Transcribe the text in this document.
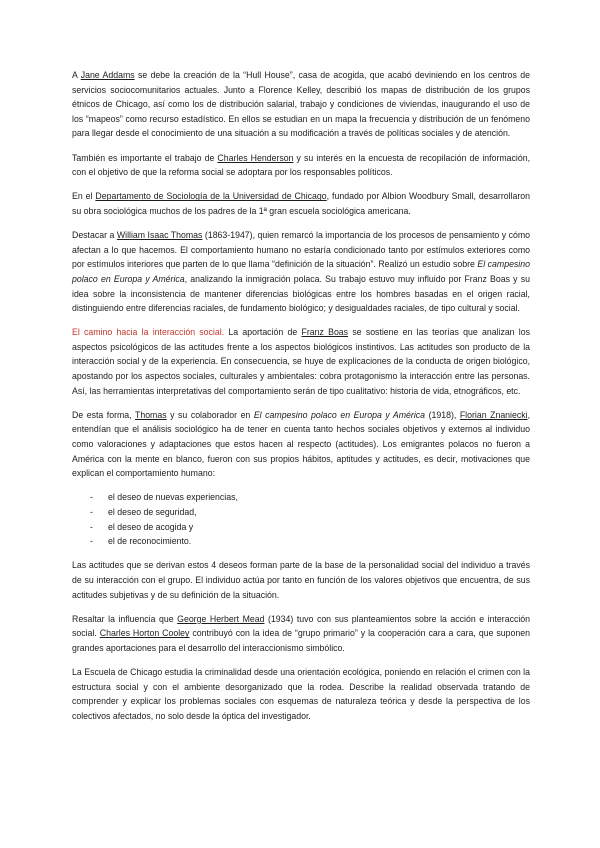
A Jane Addams se debe la creación de la “Hull House”, casa de acogida, que acabó deviniendo en los centros de servicios sociocomunitarios actuales. Junto a Florence Kelley, describió los mapas de distribución de los grupos étnicos de Chicago, así como los de distribución salarial, trabajo y condiciones de viviendas, inaugurando el uso de los “mapeos” como recurso estadístico. En ellos se estudian en un mapa la frecuencia y distribución de un fenómeno para llegar desde el conocimiento de una situación a su modificación a través de políticas sociales y de atención.

También es importante el trabajo de Charles Henderson y su interés en la encuesta de recopilación de información, con el objetivo de que la reforma social se adoptara por los responsables políticos.

En el Departamento de Sociología de la Universidad de Chicago, fundado por Albion Woodbury Small, desarrollaron su obra sociológica muchos de los padres de la 1ª gran escuela sociológica americana.

Destacar a William Isaac Thomas (1863-1947), quien remarcó la importancia de los procesos de pensamiento y cómo afectan a lo que hacemos. El comportamiento humano no estaría condicionado tanto por estímulos exteriores como por estímulos interiores que parten de lo que llama “definición de la situación”. Realizó un estudio sobre El campesino polaco en Europa y América, analizando la inmigración polaca. Su trabajo estuvo muy influido por Franz Boas y su idea sobre la inconsistencia de mantener diferencias biológicas entre los hombres basadas en el origen racial, distinguiendo entre diferencias raciales, de fundamento biológico; y desigualdades raciales, de tipo cultural y social.

El camino hacia la interacción social. La aportación de Franz Boas se sostiene en las teorías que analizan los aspectos psicológicos de las actitudes frente a los aspectos biológicos instintivos. Las actitudes son producto de la interacción social y de la experiencia. En consecuencia, se huye de explicaciones de la conducta de origen biológico, apostando por los aspectos sociales, culturales y ambientales: cobra protagonismo la interacción entre las personas. Así, las herramientas interpretativas del comportamiento serán de tipo cualitativo: historia de vida, etnográficos, etc.

De esta forma, Thomas y su colaborador en El campesino polaco en Europa y América (1918), Florian Znaniecki, entendían que el análisis sociológico ha de tener en cuenta tanto hechos sociales objetivos y externos al individuo como valoraciones y adaptaciones que estos hacen al respecto (actitudes). Los emigrantes polacos no fueron a América con la mente en blanco, fueron con sus propios hábitos, aptitudes y actitudes, es decir, motivaciones que explican el comportamiento humano:

- el deseo de nuevas experiencias,
- el deseo de seguridad,
- el deseo de acogida y
- el de reconocimiento.

Las actitudes que se derivan estos 4 deseos forman parte de la base de la personalidad social del individuo a través de su interacción con el grupo. El individuo actúa por tanto en función de los valores objetivos que encuentra, de sus actitudes subjetivas y de su definición de la situación.

Resaltar la influencia que George Herbert Mead (1934) tuvo con sus planteamientos sobre la acción e interacción social. Charles Horton Cooley contribuyó con la idea de “grupo primario” y la cooperación cara a cara, que suponen grandes aportaciones para el desarrollo del interaccionismo simbólico.

La Escuela de Chicago estudia la criminalidad desde una orientación ecológica, poniendo en relación el crimen con la estructura social y con el ambiente desorganizado que la rodea. Describe la realidad observada tratando de comprender y explicar los problemas sociales con esquemas de naturaleza teórica y desde la perspectiva de los colectivos afectados, no solo desde la óptica del investigador.
